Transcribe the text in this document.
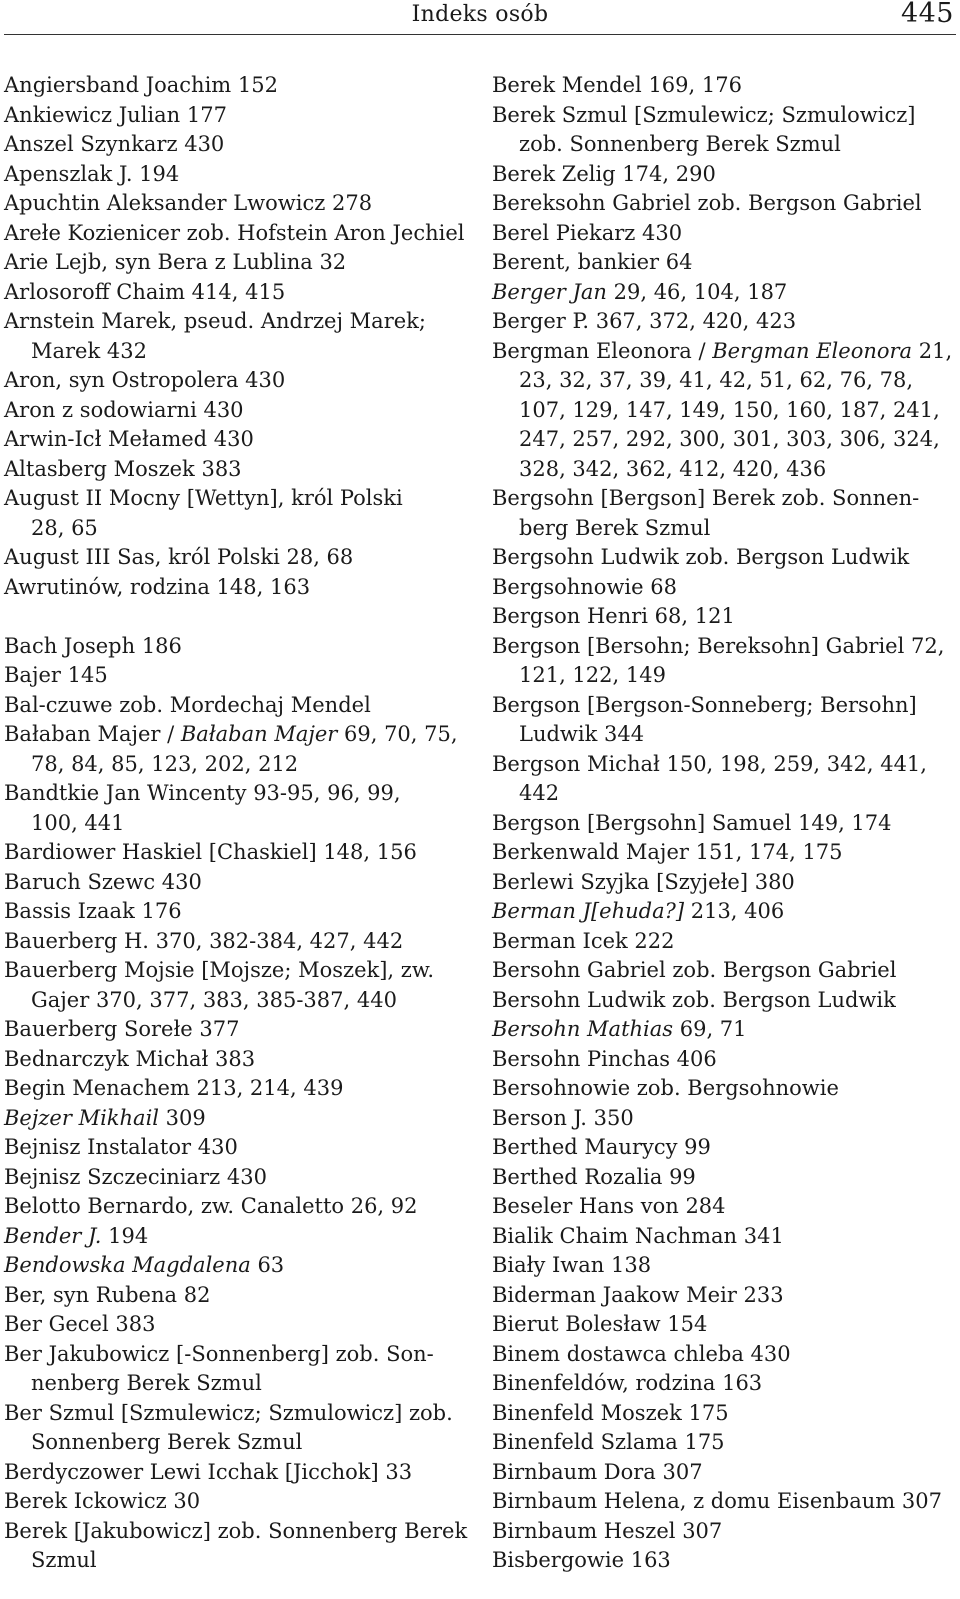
Indeks osób	445
Angiersband Joachim 152
Ankiewicz Julian 177
Anszel Szynkarz 430
Apenszlak J. 194
Apuchtin Aleksander Lwowicz 278
Arełe Kozienicer zob. Hofstein Aron Jechiel
Arie Lejb, syn Bera z Lublina 32
Arlosoroff Chaim 414, 415
Arnstein Marek, pseud. Andrzej Marek;
Marek 432
Aron, syn Ostropolera 430
Aron z sodowiarni 430
Arwin-Icł Mełamed 430
Altasberg Moszek 383
August II Mocny [Wettyn], król Polski
28, 65
August III Sas, król Polski 28, 68
Awrutinów, rodzina 148, 163
Bach Joseph 186
Bajer 145
Bal-czuwe zob. Mordechaj Mendel
Bałaban Majer / Bałaban Majer 69, 70, 75,
78, 84, 85, 123, 202, 212
Bandtkie Jan Wincenty 93-95, 96, 99,
100, 441
Bardiower Haskiel [Chaskiel] 148, 156
Baruch Szewc 430
Bassis Izaak 176
Bauerberg H. 370, 382-384, 427, 442
Bauerberg Mojsie [Mojsze; Moszek], zw.
Gajer 370, 377, 383, 385-387, 440
Bauerberg Sorełe 377
Bednarczyk Michał 383
Begin Menachem 213, 214, 439
Bejzer Mikhail 309
Bejnisz Instalator 430
Bejnisz Szczeciniarz 430
Belotto Bernardo, zw. Canaletto 26, 92
Bender J. 194
Bendowska Magdalena 63
Ber, syn Rubena 82
Ber Gecel 383
Ber Jakubowicz [-Sonnenberg] zob. Son-
nenberg Berek Szmul
Ber Szmul [Szmulewicz; Szmulowicz] zob.
Sonnenberg Berek Szmul
Berdyczower Lewi Icchak [Jicchok] 33
Berek Ickowicz 30
Berek [Jakubowicz] zob. Sonnenberg Berek
Szmul
Berek Mendel 169, 176
Berek Szmul [Szmulewicz; Szmulowicz]
zob. Sonnenberg Berek Szmul
Berek Zelig 174, 290
Bereksohn Gabriel zob. Bergson Gabriel
Berel Piekarz 430
Berent, bankier 64
Berger Jan 29, 46, 104, 187
Berger P. 367, 372, 420, 423
Bergman Eleonora / Bergman Eleonora 21,
23, 32, 37, 39, 41, 42, 51, 62, 76, 78,
107, 129, 147, 149, 150, 160, 187, 241,
247, 257, 292, 300, 301, 303, 306, 324,
328, 342, 362, 412, 420, 436
Bergsohn [Bergson] Berek zob. Sonnen-
berg Berek Szmul
Bergsohn Ludwik zob. Bergson Ludwik
Bergsohnowie 68
Bergson Henri 68, 121
Bergson [Bersohn; Bereksohn] Gabriel 72,
121, 122, 149
Bergson [Bergson-Sonneberg; Bersohn]
Ludwik 344
Bergson Michał 150, 198, 259, 342, 441,
442
Bergson [Bergsohn] Samuel 149, 174
Berkenwald Majer 151, 174, 175
Berlewi Szyjka [Szyjełe] 380
Berman J[ehuda?] 213, 406
Berman Icek 222
Bersohn Gabriel zob. Bergson Gabriel
Bersohn Ludwik zob. Bergson Ludwik
Bersohn Mathias 69, 71
Bersohn Pinchas 406
Bersohnowie zob. Bergsohnowie
Berson J. 350
Berthed Maurycy 99
Berthed Rozalia 99
Beseler Hans von 284
Bialik Chaim Nachman 341
Biały Iwan 138
Biderman Jaakow Meir 233
Bierut Bolesław 154
Binem dostawca chleba 430
Binenfeldów, rodzina 163
Binenfeld Moszek 175
Binenfeld Szlama 175
Birnbaum Dora 307
Birnbaum Helena, z domu Eisenbaum 307
Birnbaum Heszel 307
Bisbergowie 163
